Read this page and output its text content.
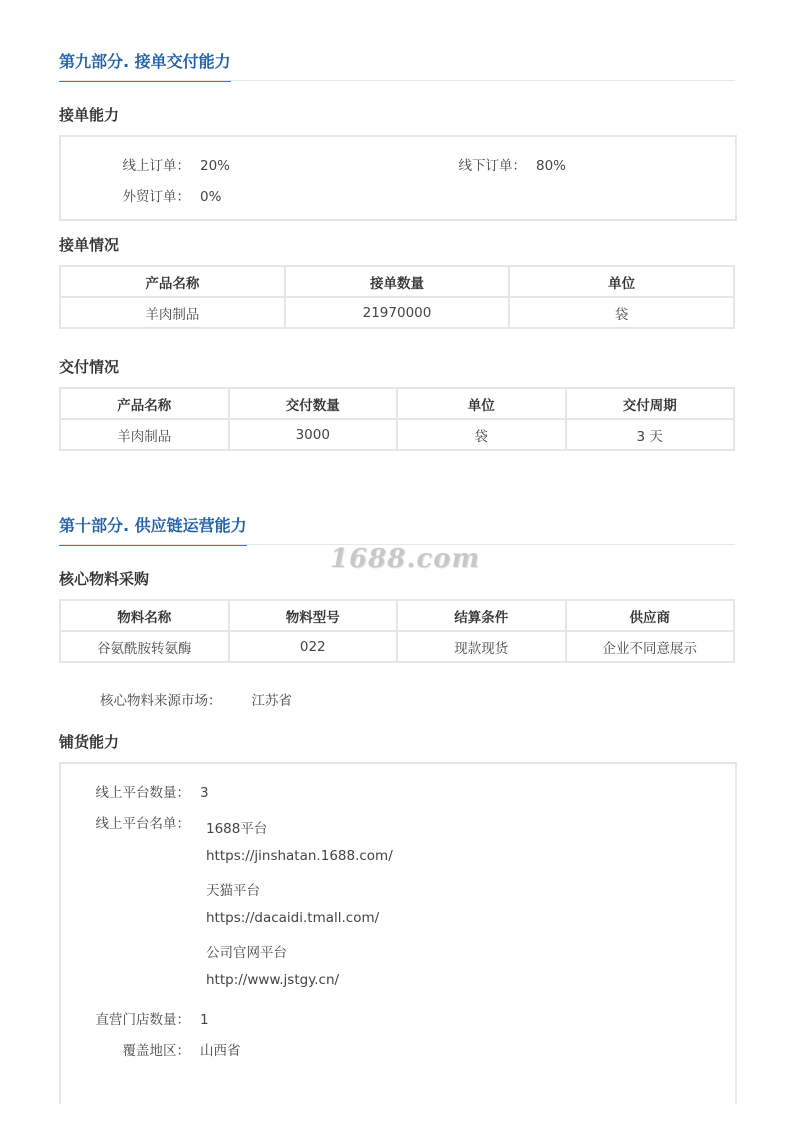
第九部分. 接单交付能力
接单能力
线上订单： 20%	线下订单： 80%
外贸订单： 0%
接单情况
产品名称	接单数量	单位
羊肉制品	21970000	袋
交付情况
产品名称	交付数量	单位	交付周期
羊肉制品	3000	袋	3 天
第十部分. 供应链运营能力
1688.com
核心物料采购
物料名称	物料型号	结算条件	供应商
谷氨酰胺转氨酶	022	现款现货	企业不同意展示
核心物料来源市场： 江苏省
铺货能力
线上平台数量： 3
线上平台名单： 1688平台
https://jinshatan.1688.com/
天猫平台
https://dacaidi.tmall.com/
公司官网平台
http://www.jstgy.cn/
直营门店数量： 1
覆盖地区： 山西省
